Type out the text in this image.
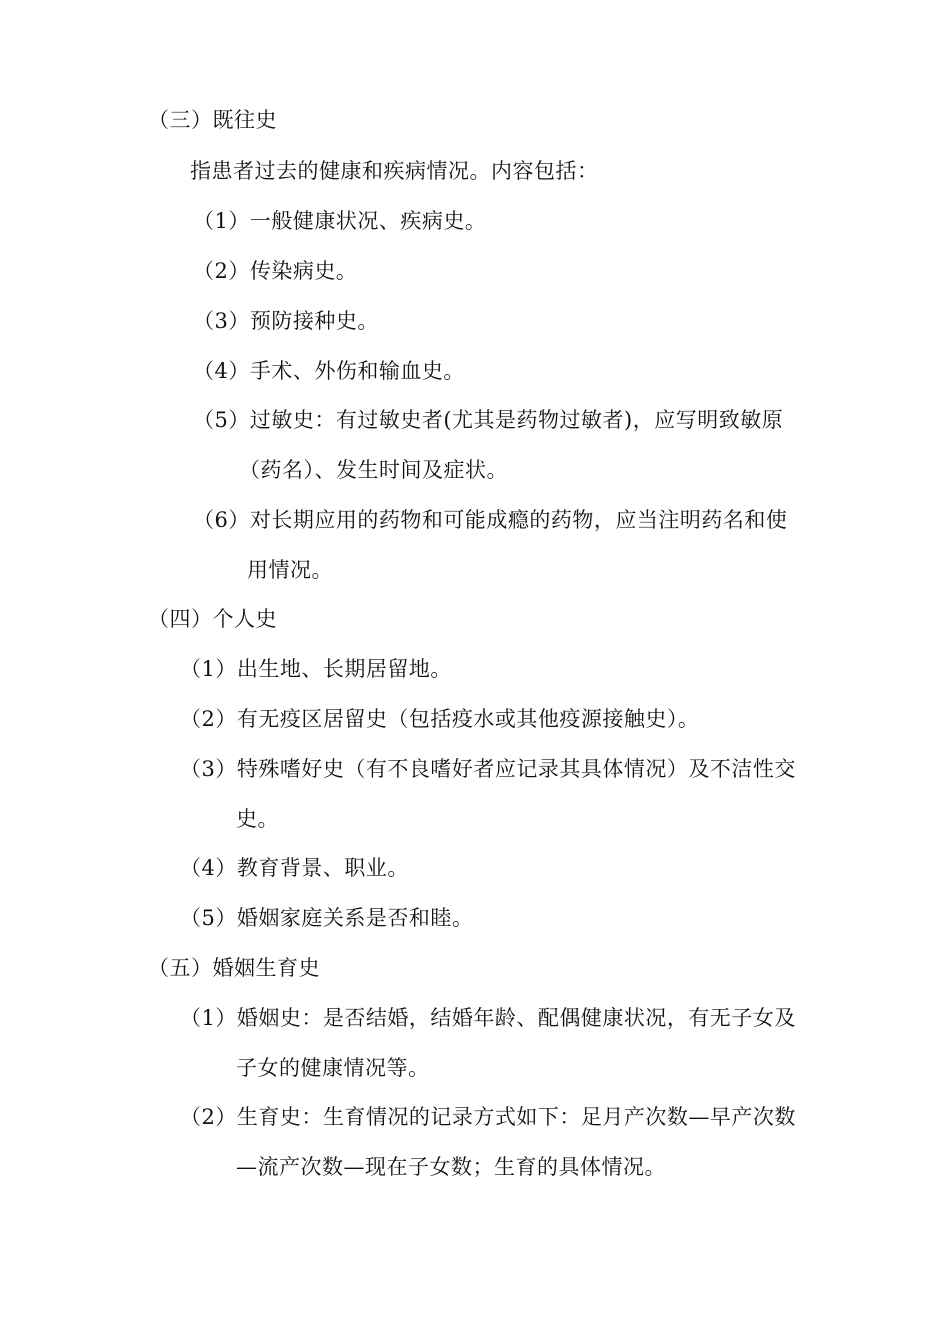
（三）既往史
指患者过去的健康和疾病情况。内容包括：
（1）一般健康状况、疾病史。
（2）传染病史。
（3）预防接种史。
（4）手术、外伤和输血史。
（5）过敏史：有过敏史者(尤其是药物过敏者)，应写明致敏原
（药名）、发生时间及症状。
（6）对长期应用的药物和可能成瘾的药物，应当注明药名和使
用情况。
（四）个人史
（1）出生地、长期居留地。
（2）有无疫区居留史（包括疫水或其他疫源接触史）。
（3）特殊嗜好史（有不良嗜好者应记录其具体情况）及不洁性交
史。
（4）教育背景、职业。
（5）婚姻家庭关系是否和睦。
（五）婚姻生育史
（1）婚姻史：是否结婚，结婚年龄、配偶健康状况，有无子女及
子女的健康情况等。
（2）生育史：生育情况的记录方式如下：足月产次数—早产次数
—流产次数—现在子女数；生育的具体情况。
